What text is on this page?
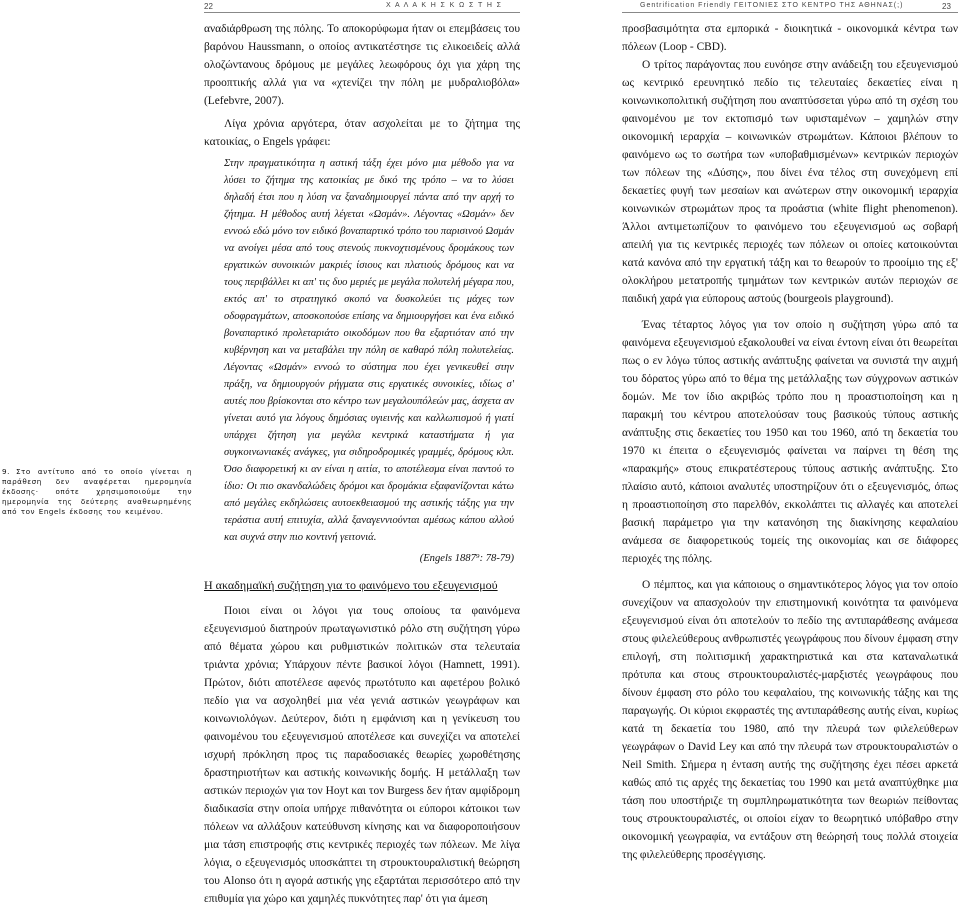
22	Χ Α Λ Α Κ Η Σ Κ Ω Σ Τ Η Σ	Gentrification Friendly ΓΕΙΤΟΝΙΕΣ ΣΤΟ ΚΕΝΤΡΟ ΤΗΣ ΑΘΗΝΑΣ(;)	23
9. Στο αντίτυπο από το οποίο γίνεται η παράθεση δεν αναφέρεται ημερομηνία έκδοσης· οπότε χρησιμοποιούμε την ημερομηνία της δεύτερης αναθεωρημένης από τον Engels έκδοσης του κειμένου.

αναδιάρθρωση της πόλης. Το αποκορύφωμα ήταν οι επεμβάσεις του βαρόνου Haussmann, ο οποίος αντικατέστησε τις ελικοειδείς αλλά ολοζώντανους δρόμους με μεγάλες λεωφόρους όχι για χάρη της προοπτικής αλλά για να «χτενίζει την πόλη με μυδραλιοβόλα» (Lefebvre, 2007).

Λίγα χρόνια αργότερα, όταν ασχολείται με το ζήτημα της κατοικίας, ο Engels γράφει:

Στην πραγματικότητα η αστική τάξη έχει μόνο μια μέθοδο για να λύσει το ζήτημα της κατοικίας με δικό της τρόπο – να το λύσει δηλαδή έτσι που η λύση να ξαναδημιουργεί πάντα από την αρχή το ζήτημα. Η μέθοδος αυτή λέγεται «Ωσμάν». Λέγοντας «Ωσμάν» δεν εννοώ εδώ μόνο τον ειδικό βοναπαρτικό τρόπο του παρισινού Ωσμάν να ανοίγει μέσα από τους στενούς πυκνοχτισμένους δρομάκους των εργατικών συνοικιών μακριές ίσιους και πλατιούς δρόμους και να τους περιβάλλει κι απ' τις δυο μεριές με μεγάλα πολυτελή μέγαρα που, εκτός απ' το στρατηγικό σκοπό να δυσκολεύει τις μάχες των οδοφραγμάτων, αποσκοπούσε επίσης να δημιουργήσει και ένα ειδικό βοναπαρτικό προλεταριάτο οικοδόμων που θα εξαρτιόταν από την κυβέρνηση και να μεταβάλει την πόλη σε καθαρό πόλη πολυτελείας. Λέγοντας «Ωσμάν» εννοώ το σύστημα που έχει γενικευθεί στην πράξη, να δημιουργούν ρήγματα στις εργατικές συνοικίες, ιδίως σ' αυτές που βρίσκονται στο κέντρο των μεγαλουπόλεών μας, άσχετα αν γίνεται αυτό για λόγους δημόσιας υγιεινής και καλλωπισμού ή γιατί υπάρχει ζήτηση για μεγάλα κεντρικά καταστήματα ή για συγκοινωνιακές ανάγκες, για σιδηροδρομικές γραμμές, δρόμους κλπ. Όσο διαφορετική κι αν είναι η αιτία, το αποτέλεσμα είναι παντού το ίδιο: Οι πιο σκανδαλώδεις δρόμοι και δρομάκια εξαφανίζονται κάτω από μεγάλες εκδηλώσεις αυτοεκθειασμού της αστικής τάξης για την τεράστια αυτή επιτυχία, αλλά ξαναγεννιούνται αμέσως κάπου αλλού και συχνά στην πιο κοντινή γειτονιά.

(Engels 1887⁹: 78-79)

Η ακαδημαϊκή συζήτηση για το φαινόμενο του εξευγενισμού

Ποιοι είναι οι λόγοι για τους οποίους τα φαινόμενα εξευγενισμού διατηρούν πρωταγωνιστικό ρόλο στη συζήτηση γύρω από θέματα χώρου και ρυθμιστικών πολιτικών στα τελευταία τριάντα χρόνια; Υπάρχουν πέντε βασικοί λόγοι (Hamnett, 1991). Πρώτον, διότι αποτέλεσε αφενός πρωτότυπο και αφετέρου βολικό πεδίο για να ασχοληθεί μια νέα γενιά αστικών γεωγράφων και κοινωνιολόγων. Δεύτερον, διότι η εμφάνιση και η γενίκευση του φαινομένου του εξευγενισμού αποτέλεσε και συνεχίζει να αποτελεί ισχυρή πρόκληση προς τις παραδοσιακές θεωρίες χωροθέτησης δραστηριοτήτων και αστικής κοινωνικής δομής. Η μετάλλαξη των αστικών περιοχών για τον Hoyt και τον Burgess δεν ήταν αμφίδρομη διαδικασία στην οποία υπήρχε πιθανότητα οι εύποροι κάτοικοι των πόλεων να αλλάξουν κατεύθυνση κίνησης και να διαφοροποιήσουν μια τάση επιστροφής στις κεντρικές περιοχές των πόλεων. Με λίγα λόγια, ο εξευγενισμός υποσκάπτει τη στρουκτουραλιστική θεώρηση του Alonso ότι η αγορά αστικής γης εξαρτάται περισσότερο από την επιθυμία για χώρο και χαμηλές πυκνότητες παρ' ότι για άμεση

προσβασιμότητα στα εμπορικά - διοικητικά - οικονομικά κέντρα των πόλεων (Loop - CBD).

Ο τρίτος παράγοντας που ευνόησε στην ανάδειξη του εξευγενισμού ως κεντρικό ερευνητικό πεδίο τις τελευταίες δεκαετίες είναι η κοινωνικοπολιτική συζήτηση που αναπτύσσεται γύρω από τη σχέση του φαινομένου με τον εκτοπισμό των υφισταμένων – χαμηλών στην οικονομική ιεραρχία – κοινωνικών στρωμάτων. Κάποιοι βλέπουν το φαινόμενο ως το σωτήρα των «υποβαθμισμένων» κεντρικών περιοχών των πόλεων της «Δύσης», που δίνει ένα τέλος στη συνεχόμενη επί δεκαετίες φυγή των μεσαίων και ανώτερων στην οικονομική ιεραρχία κοινωνικών στρωμάτων προς τα προάστια (white flight phenomenon). Άλλοι αντιμετωπίζουν το φαινόμενο του εξευγενισμού ως σοβαρή απειλή για τις κεντρικές περιοχές των πόλεων οι οποίες κατοικούνται κατά κανόνα από την εργατική τάξη και το θεωρούν το προοίμιο της εξ' ολοκλήρου μετατροπής τμημάτων των κεντρικών αυτών περιοχών σε παιδική χαρά για εύπορους αστούς (bourgeois playground).

Ένας τέταρτος λόγος για τον οποίο η συζήτηση γύρω από τα φαινόμενα εξευγενισμού εξακολουθεί να είναι έντονη είναι ότι θεωρείται πως ο εν λόγω τύπος αστικής ανάπτυξης φαίνεται να συνιστά την αιχμή του δόρατος γύρω από το θέμα της μετάλλαξης των σύγχρονων αστικών δομών. Με τον ίδιο ακριβώς τρόπο που η προαστιοποίηση και η παρακμή του κέντρου αποτελούσαν τους βασικούς τύπους αστικής ανάπτυξης στις δεκαετίες του 1950 και του 1960, από τη δεκαετία του 1970 κι έπειτα ο εξευγενισμός φαίνεται να παίρνει τη θέση της «παρακμής» στους επικρατέστερους τύπους αστικής ανάπτυξης. Στο πλαίσιο αυτό, κάποιοι αναλυτές υποστηρίζουν ότι ο εξευγενισμός, όπως η προαστιοποίηση στο παρελθόν, εκκολάπτει τις αλλαγές και αποτελεί βασική παράμετρο για την κατανόηση της διακίνησης κεφαλαίου ανάμεσα σε διαφορετικούς τομείς της οικονομίας και σε διάφορες περιοχές της πόλης.

Ο πέμπτος, και για κάποιους ο σημαντικότερος λόγος για τον οποίο συνεχίζουν να απασχολούν την επιστημονική κοινότητα τα φαινόμενα εξευγενισμού είναι ότι αποτελούν το πεδίο της αντιπαράθεσης ανάμεσα στους φιλελεύθερους ανθρωπιστές γεωγράφους που δίνουν έμφαση στην επιλογή, στη πολιτισμική χαρακτηριστικά και στα καταναλωτικά πρότυπα και στους στρουκτουραλιστές-μαρξιστές γεωγράφους που δίνουν έμφαση στο ρόλο του κεφαλαίου, της κοινωνικής τάξης και της παραγωγής. Οι κύριοι εκφραστές της αντιπαράθεσης αυτής είναι, κυρίως κατά τη δεκαετία του 1980, από την πλευρά των φιλελεύθερων γεωγράφων ο David Ley και από την πλευρά των στρουκτουραλιστών ο Neil Smith. Σήμερα η ένταση αυτής της συζήτησης έχει πέσει αρκετά καθώς από τις αρχές της δεκαετίας του 1990 και μετά αναπτύχθηκε μια τάση που υποστήριζε τη συμπληρωματικότητα των θεωριών πείθοντας τους στρουκτουραλιστές, οι οποίοι είχαν το θεωρητικό υπόβαθρο στην οικονομική γεωγραφία, να εντάξουν στη θεώρησή τους πολλά στοιχεία της φιλελεύθερης προσέγγισης.
